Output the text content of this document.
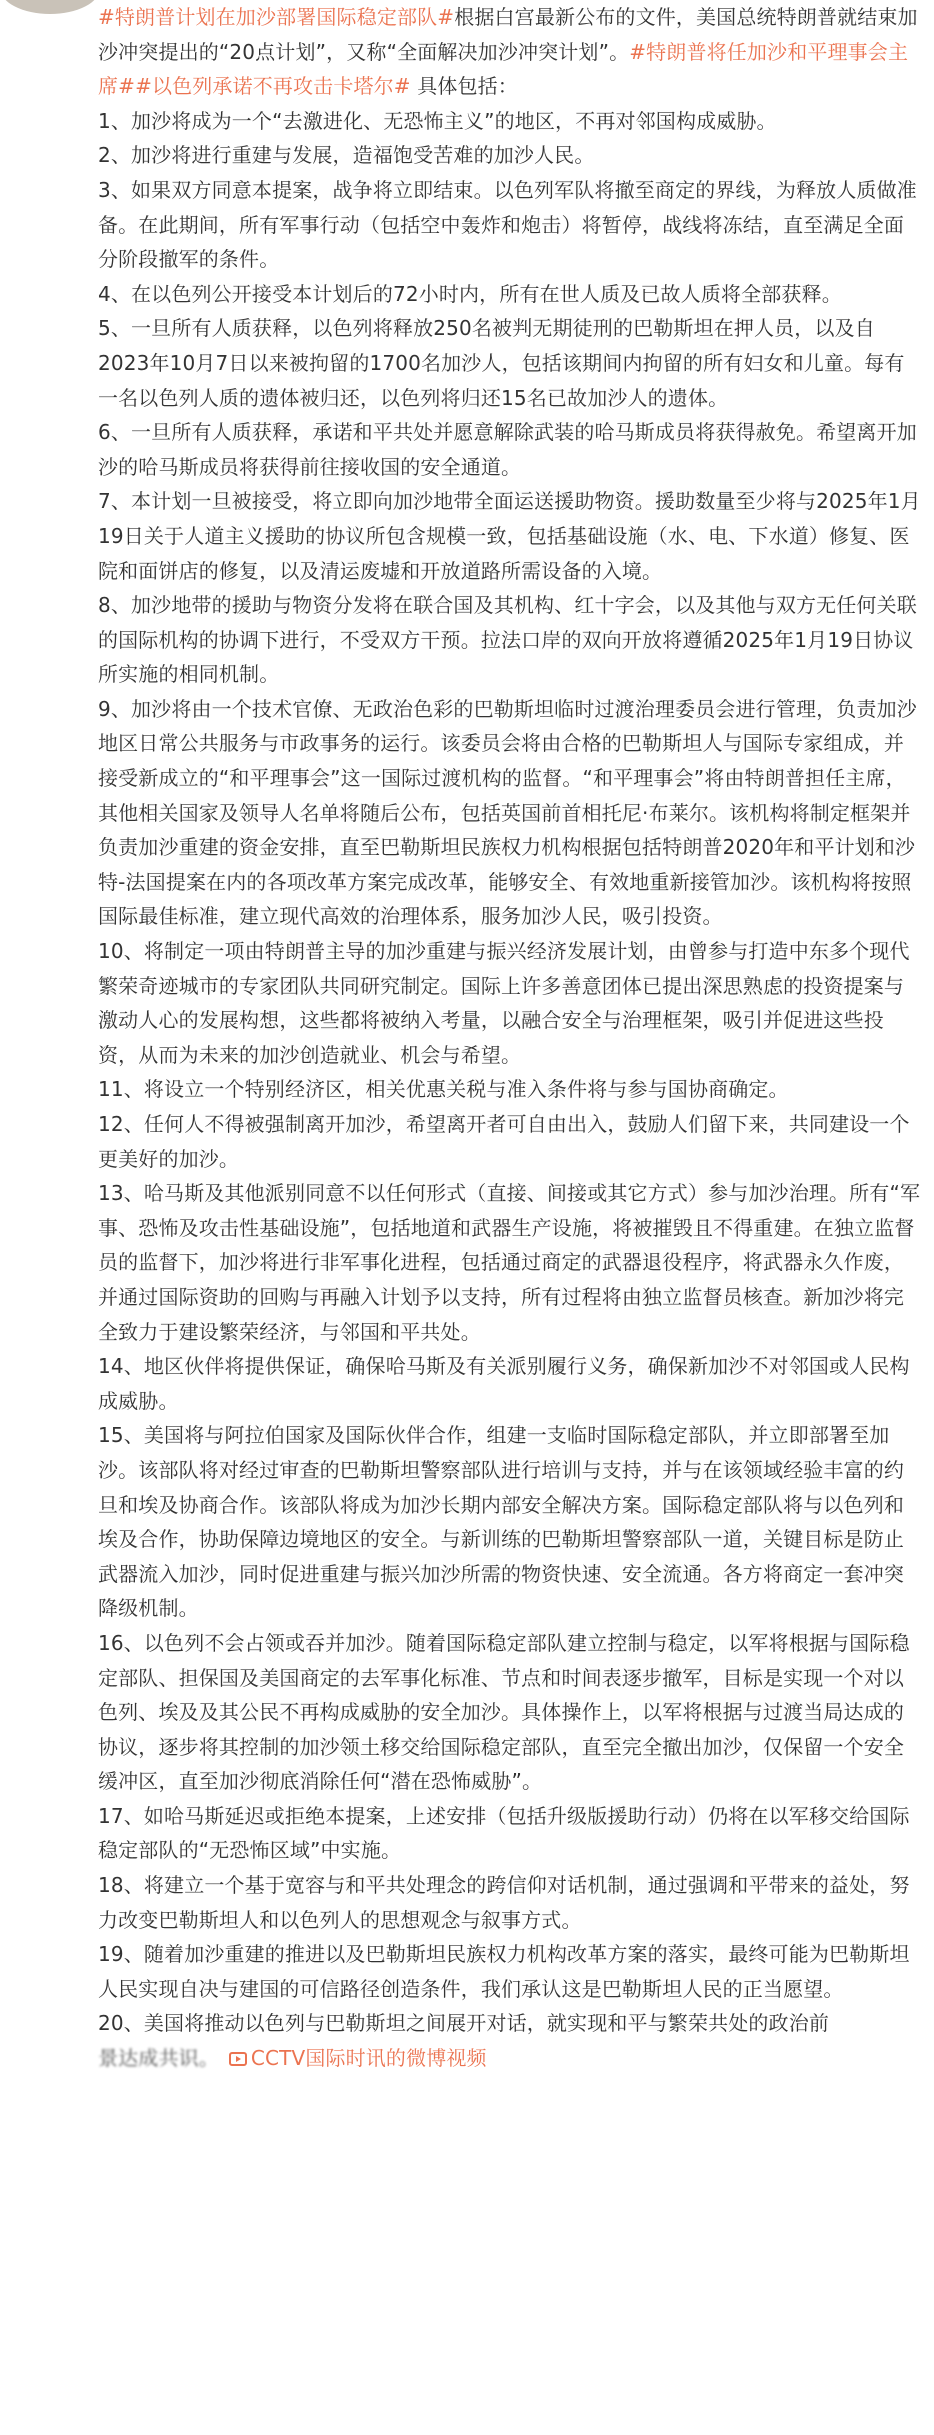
#特朗普计划在加沙部署国际稳定部队#根据白宫最新公布的文件，美国总统特朗普就结束加沙冲突提出的“20点计划”，又称“全面解决加沙冲突计划”。#特朗普将任加沙和平理事会主席##以色列承诺不再攻击卡塔尔# 具体包括：

1、加沙将成为一个“去激进化、无恐怖主义”的地区，不再对邻国构成威胁。

2、加沙将进行重建与发展，造福饱受苦难的加沙人民。

3、如果双方同意本提案，战争将立即结束。以色列军队将撤至商定的界线，为释放人质做准备。在此期间，所有军事行动（包括空中轰炸和炮击）将暂停，战线将冻结，直至满足全面分阶段撤军的条件。

4、在以色列公开接受本计划后的72小时内，所有在世人质及已故人质将全部获释。

5、一旦所有人质获释，以色列将释放250名被判无期徒刑的巴勒斯坦在押人员，以及自2023年10月7日以来被拘留的1700名加沙人，包括该期间内拘留的所有妇女和儿童。每有一名以色列人质的遗体被归还，以色列将归还15名已故加沙人的遗体。

6、一旦所有人质获释，承诺和平共处并愿意解除武装的哈马斯成员将获得赦免。希望离开加沙的哈马斯成员将获得前往接收国的安全通道。

7、本计划一旦被接受，将立即向加沙地带全面运送援助物资。援助数量至少将与2025年1月19日关于人道主义援助的协议所包含规模一致，包括基础设施（水、电、下水道）修复、医院和面饼店的修复，以及清运废墟和开放道路所需设备的入境。

8、加沙地带的援助与物资分发将在联合国及其机构、红十字会，以及其他与双方无任何关联的国际机构的协调下进行，不受双方干预。拉法口岸的双向开放将遵循2025年1月19日协议所实施的相同机制。

9、加沙将由一个技术官僚、无政治色彩的巴勒斯坦临时过渡治理委员会进行管理，负责加沙地区日常公共服务与市政事务的运行。该委员会将由合格的巴勒斯坦人与国际专家组成，并接受新成立的“和平理事会”这一国际过渡机构的监督。“和平理事会”将由特朗普担任主席，其他相关国家及领导人名单将随后公布，包括英国前首相托尼·布莱尔。该机构将制定框架并负责加沙重建的资金安排，直至巴勒斯坦民族权力机构根据包括特朗普2020年和平计划和沙特-法国提案在内的各项改革方案完成改革，能够安全、有效地重新接管加沙。该机构将按照国际最佳标准，建立现代高效的治理体系，服务加沙人民，吸引投资。

10、将制定一项由特朗普主导的加沙重建与振兴经济发展计划，由曾参与打造中东多个现代繁荣奇迹城市的专家团队共同研究制定。国际上许多善意团体已提出深思熟虑的投资提案与激动人心的发展构想，这些都将被纳入考量，以融合安全与治理框架，吸引并促进这些投资，从而为未来的加沙创造就业、机会与希望。

11、将设立一个特别经济区，相关优惠关税与准入条件将与参与国协商确定。

12、任何人不得被强制离开加沙，希望离开者可自由出入，鼓励人们留下来，共同建设一个更美好的加沙。

13、哈马斯及其他派别同意不以任何形式（直接、间接或其它方式）参与加沙治理。所有“军事、恐怖及攻击性基础设施”，包括地道和武器生产设施，将被摧毁且不得重建。在独立监督员的监督下，加沙将进行非军事化进程，包括通过商定的武器退役程序，将武器永久作废，并通过国际资助的回购与再融入计划予以支持，所有过程将由独立监督员核查。新加沙将完全致力于建设繁荣经济，与邻国和平共处。

14、地区伙伴将提供保证，确保哈马斯及有关派别履行义务，确保新加沙不对邻国或人民构成威胁。

15、美国将与阿拉伯国家及国际伙伴合作，组建一支临时国际稳定部队，并立即部署至加沙。该部队将对经过审查的巴勒斯坦警察部队进行培训与支持，并与在该领域经验丰富的约旦和埃及协商合作。该部队将成为加沙长期内部安全解决方案。国际稳定部队将与以色列和埃及合作，协助保障边境地区的安全。与新训练的巴勒斯坦警察部队一道，关键目标是防止武器流入加沙，同时促进重建与振兴加沙所需的物资快速、安全流通。各方将商定一套冲突降级机制。

16、以色列不会占领或吞并加沙。随着国际稳定部队建立控制与稳定，以军将根据与国际稳定部队、担保国及美国商定的去军事化标准、节点和时间表逐步撤军，目标是实现一个对以色列、埃及及其公民不再构成威胁的安全加沙。具体操作上，以军将根据与过渡当局达成的协议，逐步将其控制的加沙领土移交给国际稳定部队，直至完全撤出加沙，仅保留一个安全缓冲区，直至加沙彻底消除任何“潜在恐怖威胁”。

17、如哈马斯延迟或拒绝本提案，上述安排（包括升级版援助行动）仍将在以军移交给国际稳定部队的“无恐怖区域”中实施。

18、将建立一个基于宽容与和平共处理念的跨信仰对话机制，通过强调和平带来的益处，努力改变巴勒斯坦人和以色列人的思想观念与叙事方式。

19、随着加沙重建的推进以及巴勒斯坦民族权力机构改革方案的落实，最终可能为巴勒斯坦人民实现自决与建国的可信路径创造条件，我们承认这是巴勒斯坦人民的正当愿望。

20、美国将推动以色列与巴勒斯坦之间展开对话，就实现和平与繁荣共处的政治前

景达成共识。 CCTV国际时讯的微博视频
